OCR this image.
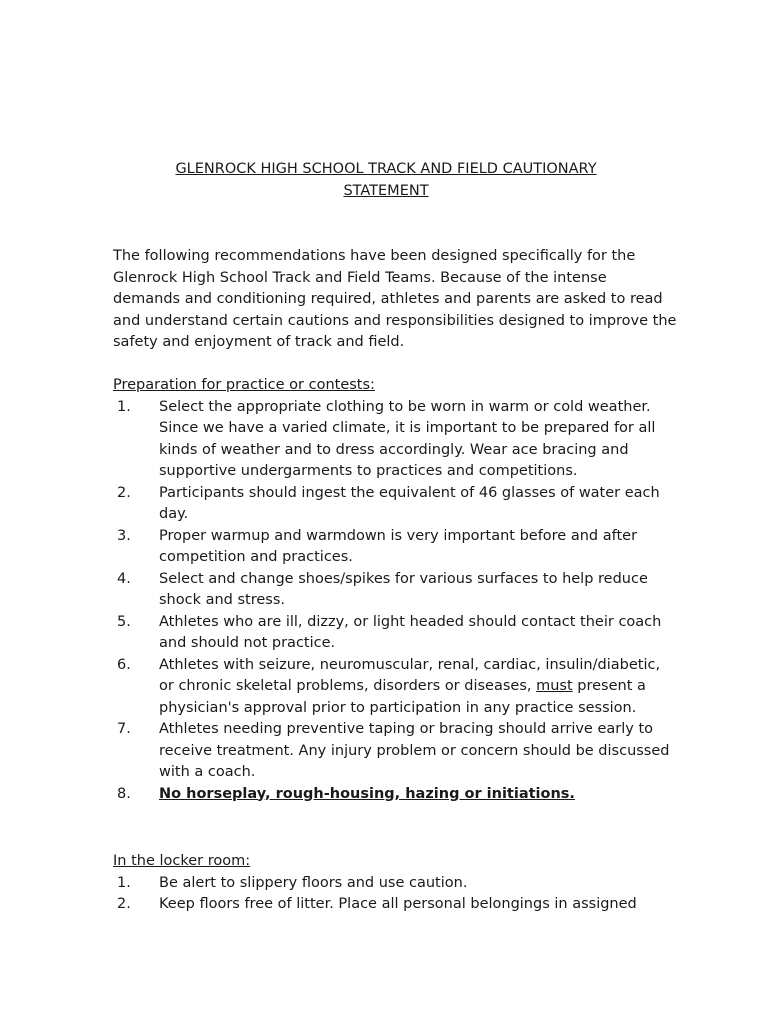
GLENROCK HIGH SCHOOL TRACK AND FIELD CAUTIONARY
STATEMENT
The following recommendations have been designed specifically for the
Glenrock High School Track and Field Teams. Because of the intense
demands and conditioning required, athletes and parents are asked to read
and understand certain cautions and responsibilities designed to improve the
safety and enjoyment of track and field.
Preparation for practice or contests:
1.	Select the appropriate clothing to be worn in warm or cold weather.
Since we have a varied climate, it is important to be prepared for all
kinds of weather and to dress accordingly. Wear ace bracing and
supportive undergarments to practices and competitions.
2.	Participants should ingest the equivalent of 46 glasses of water each
day.
3.	Proper warmup and warmdown is very important before and after
competition and practices.
4.	Select and change shoes/spikes for various surfaces to help reduce
shock and stress.
5.	Athletes who are ill, dizzy, or light headed should contact their coach
and should not practice.
6.	Athletes with seizure, neuromuscular, renal, cardiac, insulin/diabetic,
or chronic skeletal problems, disorders or diseases, must present a
physician's approval prior to participation in any practice session.
7.	Athletes needing preventive taping or bracing should arrive early to
receive treatment. Any injury problem or concern should be discussed
with a coach.
8.	No horseplay, rough-housing, hazing or initiations.
In the locker room:
1.	Be alert to slippery floors and use caution.
2.	Keep floors free of litter. Place all personal belongings in assigned
